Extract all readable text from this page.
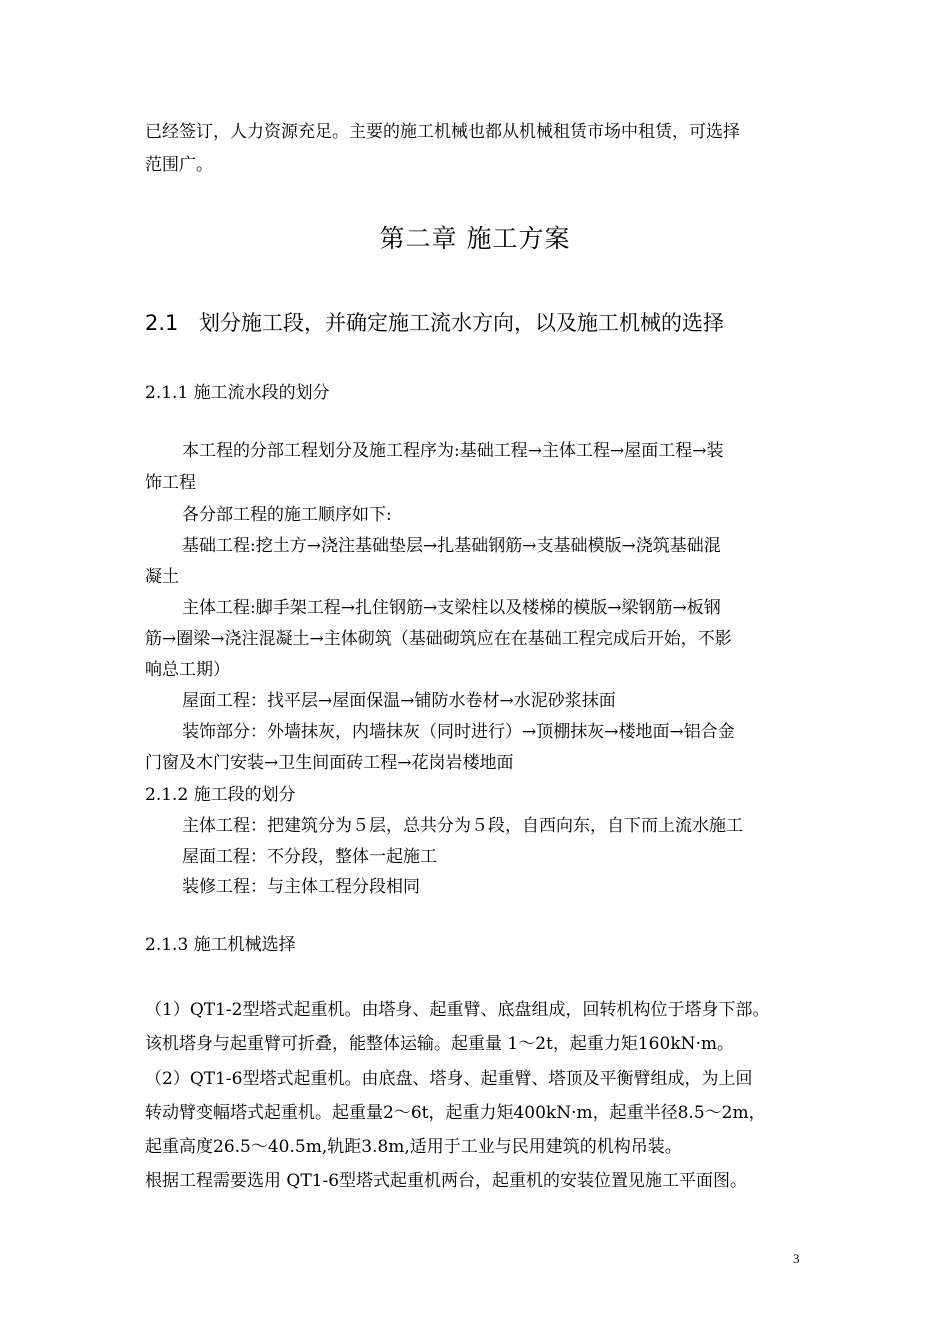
已经签订，人力资源充足。主要的施工机械也都从机械租赁市场中租赁，可选择
范围广。
第二章 施工方案
2.1 划分施工段，并确定施工流水方向，以及施工机械的选择
2.1.1 施工流水段的划分
本工程的分部工程划分及施工程序为:基础工程→主体工程→屋面工程→装
饰工程
各分部工程的施工顺序如下:
基础工程:挖土方→浇注基础垫层→扎基础钢筋→支基础模版→浇筑基础混
凝土
主体工程:脚手架工程→扎住钢筋→支梁柱以及楼梯的模版→梁钢筋→板钢
筋→圈梁→浇注混凝土→主体砌筑（基础砌筑应在在基础工程完成后开始，不影
响总工期）
屋面工程：找平层→屋面保温→铺防水卷材→水泥砂浆抹面
装饰部分：外墙抹灰，内墙抹灰（同时进行）→顶棚抹灰→楼地面→铝合金
门窗及木门安装→卫生间面砖工程→花岗岩楼地面
2.1.2 施工段的划分
主体工程：把建筑分为５层，总共分为５段，自西向东，自下而上流水施工
屋面工程：不分段，整体一起施工
装修工程：与主体工程分段相同
2.1.3 施工机械选择
（1）QT1-2型塔式起重机。由塔身、起重臂、底盘组成，回转机构位于塔身下部。
该机塔身与起重臂可折叠，能整体运输。起重量 1～2t，起重力矩160kN·m。
（2）QT1-6型塔式起重机。由底盘、塔身、起重臂、塔顶及平衡臂组成，为上回
转动臂变幅塔式起重机。起重量2～6t，起重力矩400kN·m，起重半径8.5～2m，
起重高度26.5～40.5m,轨距3.8m,适用于工业与民用建筑的机构吊装。
根据工程需要选用 QT1-6型塔式起重机两台，起重机的安装位置见施工平面图。
3
